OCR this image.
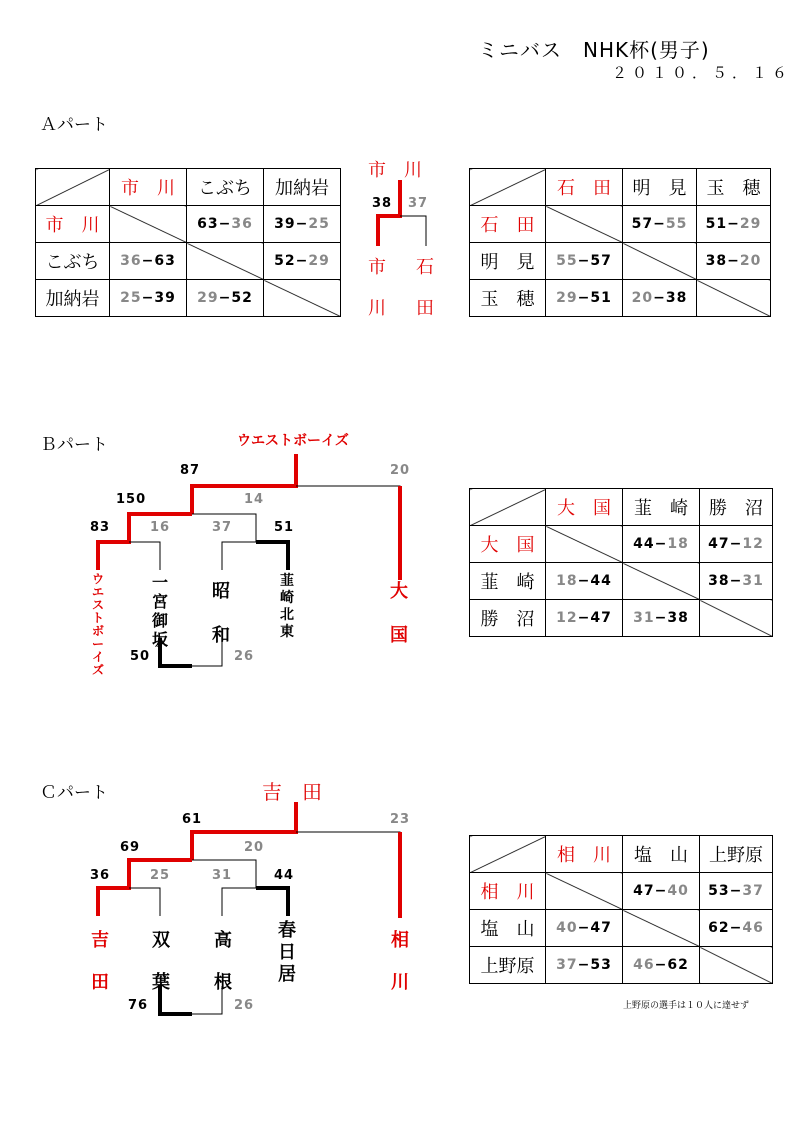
ミニバス　NHK杯(男子)
２０１０．５．１６
Ａパート
	市　川	こぶち	加納岩
市　川		63−36	39−25
こぶち	36−63		52−29
加納岩	25−39	29−52	
市　川
38 37
市
川
石
田
	石　田	明　見	玉　穂
石　田		57−55	51−29
明　見	55−57		38−20
玉　穂	29−51	20−38	
Ｂパート	ウエストボーイズ
87	20
150	14
83	16	37	51
50	26
ウエストボーイズ
一宮御坂
昭和
韮崎北東
大国
	大　国	韮　崎	勝　沼
大　国		44−18	47−12
韮　崎	18−44		38−31
勝　沼	12−47	31−38	
Ｃパート	吉　田
61	23
69	20
36	25	31	44
76	26
吉田
双葉
高根
春日居
相川
	相　川	塩　山	上野原
相　川		47−40	53−37
塩　山	40−47		62−46
上野原	37−53	46−62	
上野原の選手は１０人に達せず
